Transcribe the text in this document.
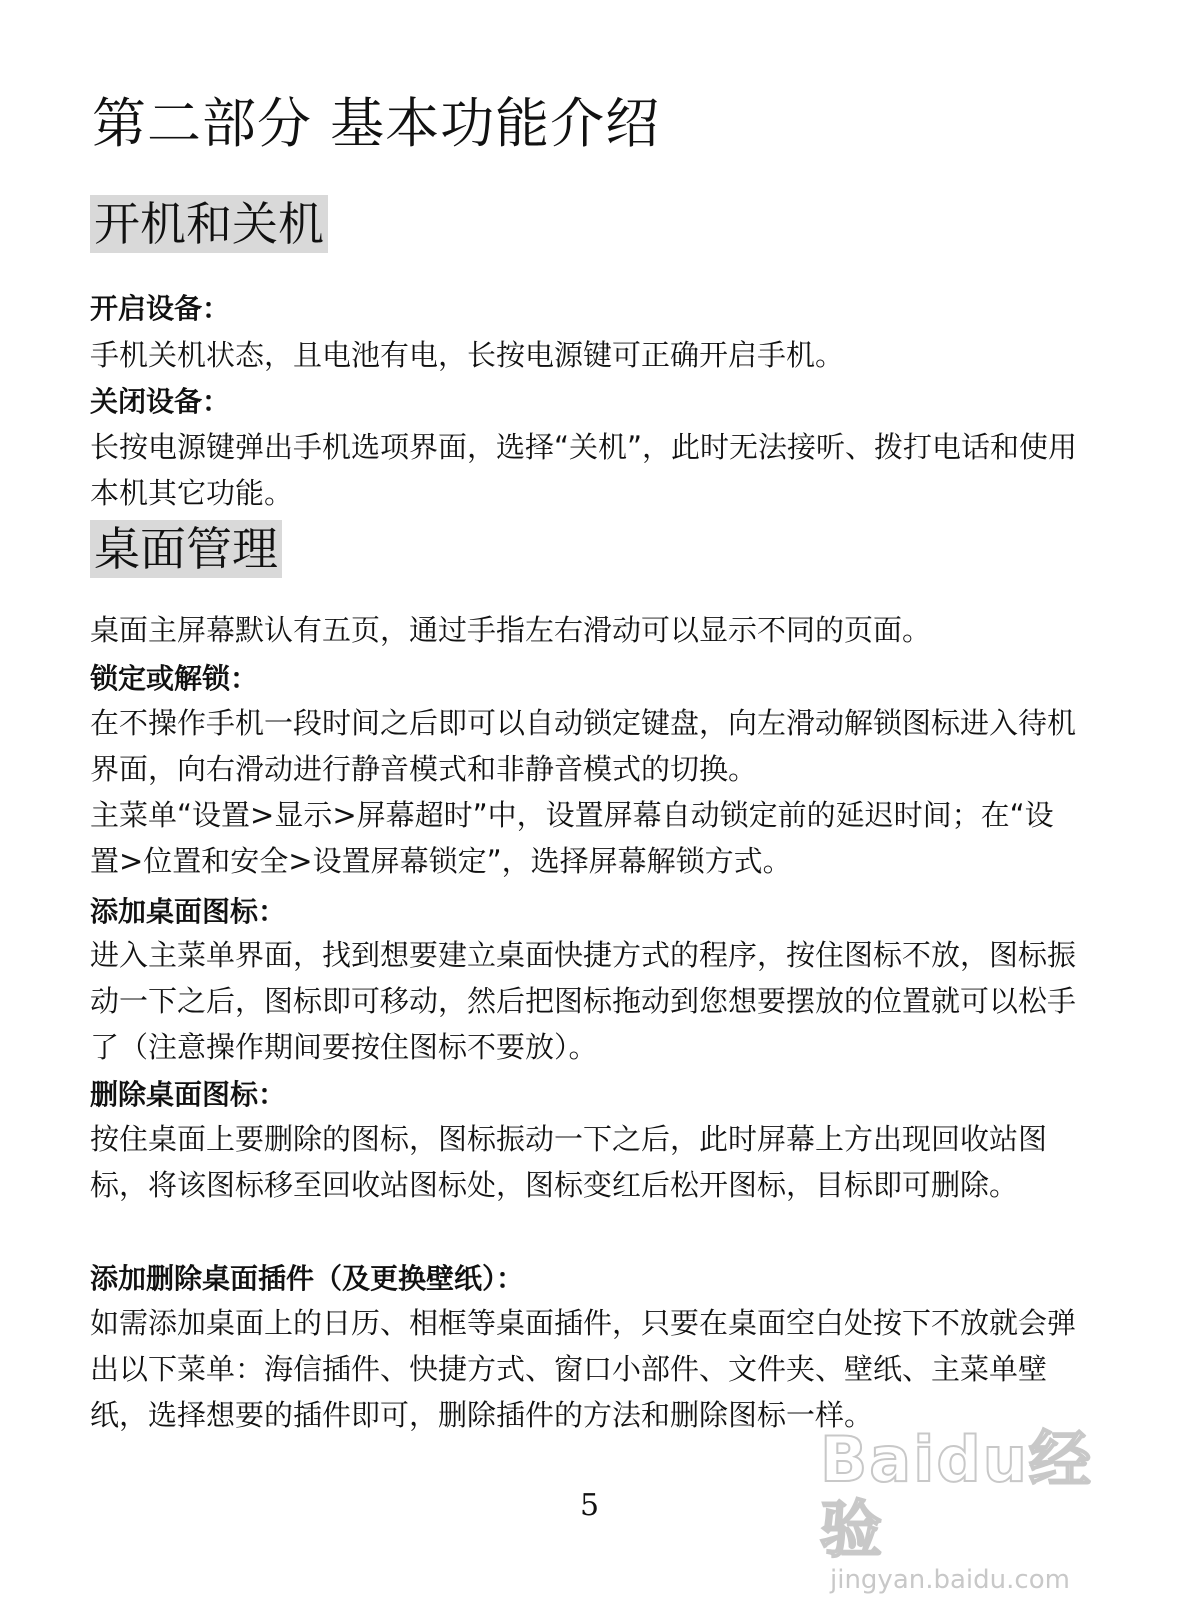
第二部分 基本功能介绍
开机和关机
开启设备：

手机关机状态，且电池有电，长按电源键可正确开启手机。

关闭设备：

长按电源键弹出手机选项界面，选择“关机”，此时无法接听、拨打电话和使用本机其它功能。

桌面管理

桌面主屏幕默认有五页，通过手指左右滑动可以显示不同的页面。

锁定或解锁：

在不操作手机一段时间之后即可以自动锁定键盘，向左滑动解锁图标进入待机界面，向右滑动进行静音模式和非静音模式的切换。

主菜单“设置>显示>屏幕超时”中，设置屏幕自动锁定前的延迟时间；在“设置>位置和安全>设置屏幕锁定”，选择屏幕解锁方式。

添加桌面图标：

进入主菜单界面，找到想要建立桌面快捷方式的程序，按住图标不放，图标振动一下之后，图标即可移动，然后把图标拖动到您想要摆放的位置就可以松手了（注意操作期间要按住图标不要放）。

删除桌面图标：

按住桌面上要删除的图标，图标振动一下之后，此时屏幕上方出现回收站图标，将该图标移至回收站图标处，图标变红后松开图标，目标即可删除。

添加删除桌面插件（及更换壁纸）：

如需添加桌面上的日历、相框等桌面插件，只要在桌面空白处按下不放就会弹出以下菜单：海信插件、快捷方式、窗口小部件、文件夹、壁纸、主菜单壁纸，选择想要的插件即可，删除插件的方法和删除图标一样。

5
Baidu经验
jingyan.baidu.com
